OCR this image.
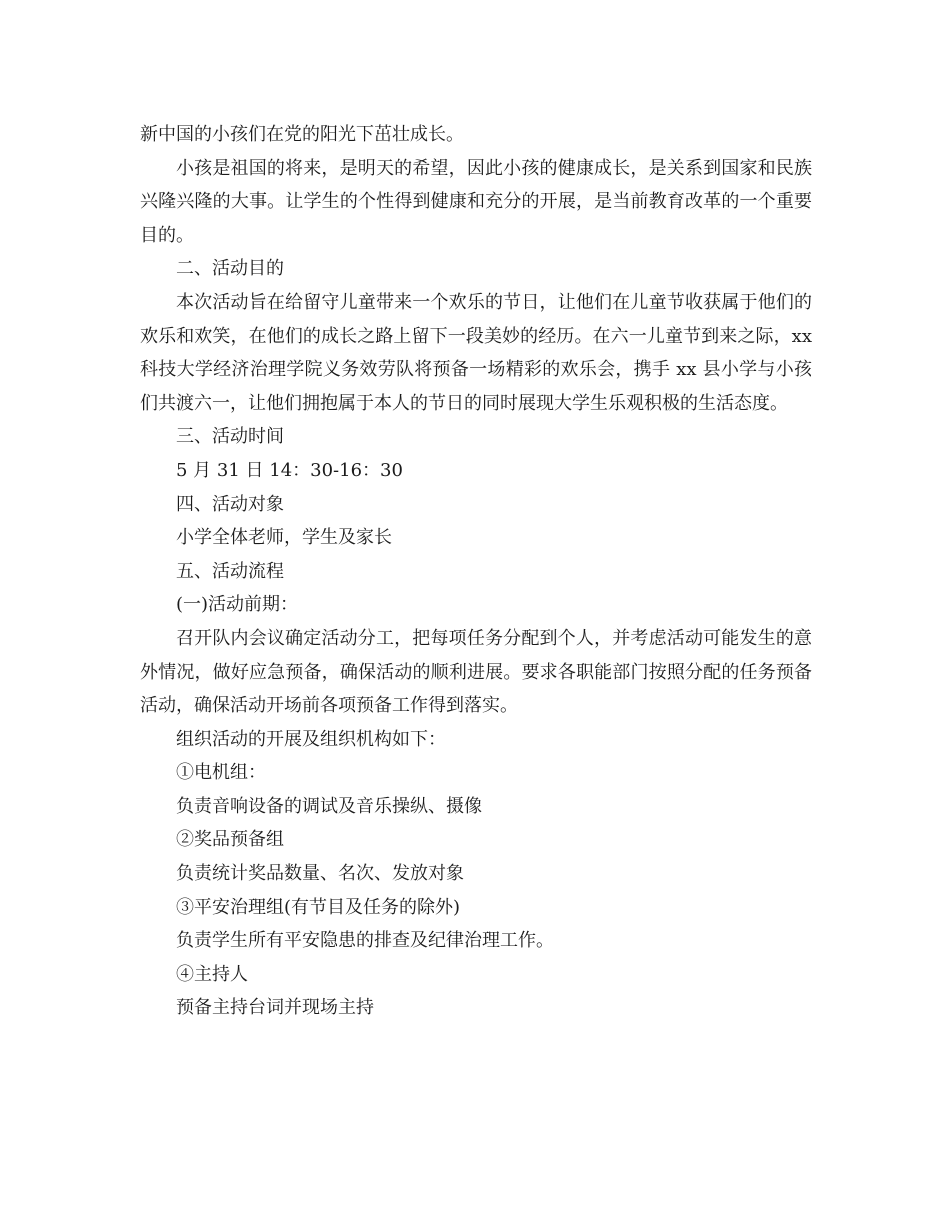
新中国的小孩们在党的阳光下茁壮成长。

小孩是祖国的将来，是明天的希望，因此小孩的健康成长，是关系到国家和民族兴隆兴隆的大事。让学生的个性得到健康和充分的开展，是当前教育改革的一个重要目的。

二、活动目的

本次活动旨在给留守儿童带来一个欢乐的节日，让他们在儿童节收获属于他们的欢乐和欢笑，在他们的成长之路上留下一段美妙的经历。在六一儿童节到来之际，xx 科技大学经济治理学院义务效劳队将预备一场精彩的欢乐会，携手 xx 县小学与小孩们共渡六一，让他们拥抱属于本人的节日的同时展现大学生乐观积极的生活态度。

三、活动时间
5 月 31 日 14：30-16：30
四、活动对象
小学全体老师，学生及家长
五、活动流程
(一)活动前期：

召开队内会议确定活动分工，把每项任务分配到个人，并考虑活动可能发生的意外情况，做好应急预备，确保活动的顺利进展。要求各职能部门按照分配的任务预备活动，确保活动开场前各项预备工作得到落实。

组织活动的开展及组织机构如下：
①电机组：
负责音响设备的调试及音乐操纵、摄像
②奖品预备组
负责统计奖品数量、名次、发放对象
③平安治理组(有节目及任务的除外)
负责学生所有平安隐患的排查及纪律治理工作。
④主持人
预备主持台词并现场主持
